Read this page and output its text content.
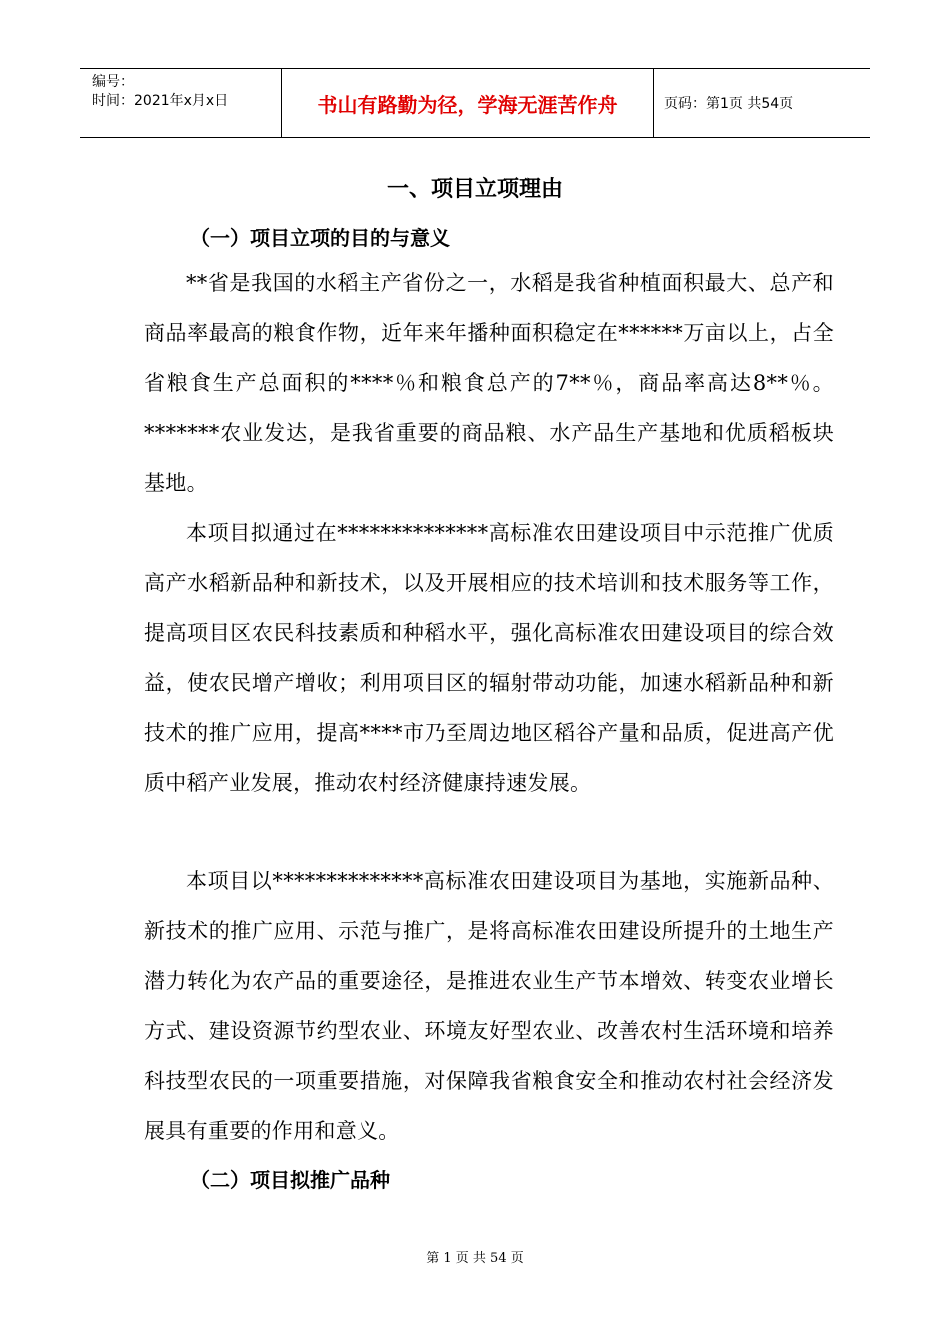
编号：
时间：2021年x月x日	书山有路勤为径，学海无涯苦作舟	页码：第1页 共54页
一、项目立项理由
（一）项目立项的目的与意义
**省是我国的水稻主产省份之一，水稻是我省种植面积最大、总产和商品率最高的粮食作物，近年来年播种面积稳定在******万亩以上，占全省粮食生产总面积的****％和粮食总产的7**％，商品率高达8**％。*******农业发达，是我省重要的商品粮、水产品生产基地和优质稻板块基地。
本项目拟通过在**************高标准农田建设项目中示范推广优质高产水稻新品种和新技术，以及开展相应的技术培训和技术服务等工作，提高项目区农民科技素质和种稻水平，强化高标准农田建设项目的综合效益，使农民增产增收；利用项目区的辐射带动功能，加速水稻新品种和新技术的推广应用，提高****市乃至周边地区稻谷产量和品质，促进高产优质中稻产业发展，推动农村经济健康持速发展。
本项目以**************高标准农田建设项目为基地，实施新品种、新技术的推广应用、示范与推广，是将高标准农田建设所提升的土地生产潜力转化为农产品的重要途径，是推进农业生产节本增效、转变农业增长方式、建设资源节约型农业、环境友好型农业、改善农村生活环境和培养科技型农民的一项重要措施，对保障我省粮食安全和推动农村社会经济发展具有重要的作用和意义。
（二）项目拟推广品种
第 1 页 共 54 页
